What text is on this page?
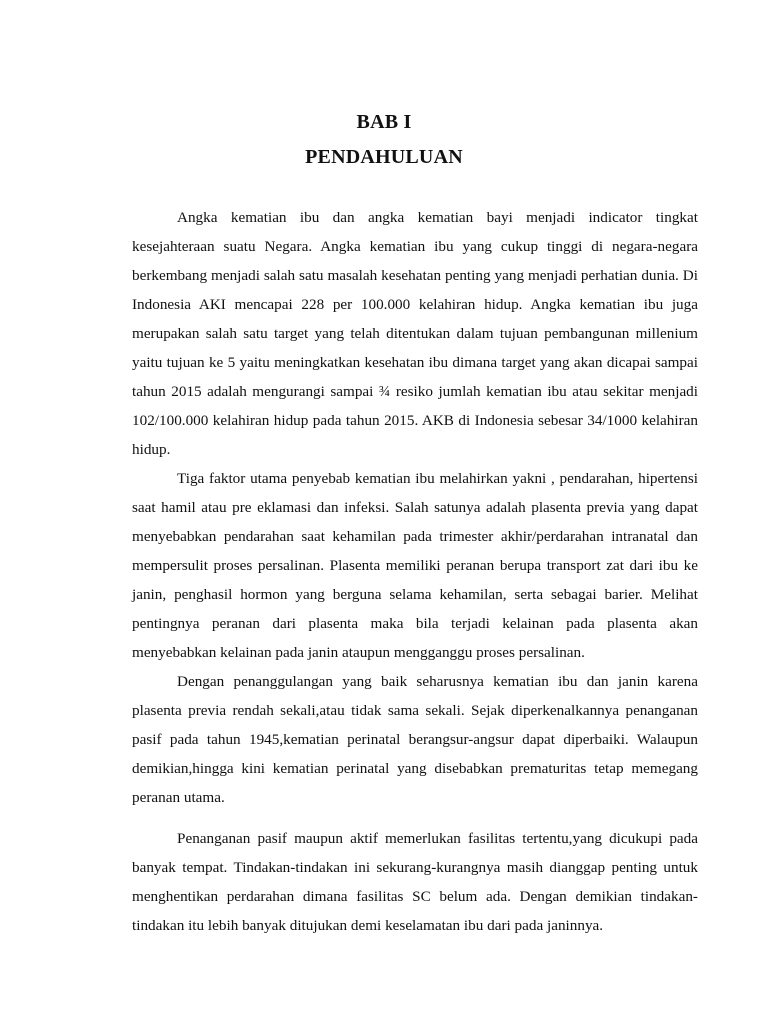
BAB I
PENDAHULUAN

Angka kematian ibu dan angka kematian bayi menjadi indicator tingkat kesejahteraan suatu Negara. Angka kematian ibu yang cukup tinggi di negara-negara berkembang menjadi salah satu masalah kesehatan penting yang menjadi perhatian dunia. Di Indonesia AKI mencapai 228 per 100.000 kelahiran hidup. Angka kematian ibu juga merupakan salah satu target yang telah ditentukan dalam tujuan pembangunan millenium yaitu tujuan ke 5 yaitu meningkatkan kesehatan ibu dimana target yang akan dicapai sampai tahun 2015 adalah mengurangi sampai ¾ resiko jumlah kematian ibu atau sekitar menjadi 102/100.000 kelahiran hidup pada tahun 2015. AKB di Indonesia sebesar 34/1000 kelahiran hidup.

Tiga faktor utama penyebab kematian ibu melahirkan yakni , pendarahan, hipertensi saat hamil atau pre eklamasi dan infeksi. Salah satunya adalah plasenta previa yang dapat menyebabkan pendarahan saat kehamilan pada trimester akhir/perdarahan intranatal dan mempersulit proses persalinan. Plasenta memiliki peranan berupa transport zat dari ibu ke janin, penghasil hormon yang berguna selama kehamilan, serta sebagai barier. Melihat pentingnya peranan dari plasenta maka bila terjadi kelainan pada plasenta akan menyebabkan kelainan pada janin ataupun mengganggu proses persalinan.

Dengan penanggulangan yang baik seharusnya kematian ibu dan janin karena plasenta previa rendah sekali,atau tidak sama sekali. Sejak diperkenalkannya penanganan pasif pada tahun 1945,kematian perinatal berangsur-angsur dapat diperbaiki. Walaupun demikian,hingga kini kematian perinatal yang disebabkan prematuritas tetap memegang peranan utama.

Penanganan pasif maupun aktif memerlukan fasilitas tertentu,yang dicukupi pada banyak tempat. Tindakan-tindakan ini sekurang-kurangnya masih dianggap penting untuk menghentikan perdarahan dimana fasilitas SC belum ada. Dengan demikian tindakan-tindakan itu lebih banyak ditujukan demi keselamatan ibu dari pada janinnya.
